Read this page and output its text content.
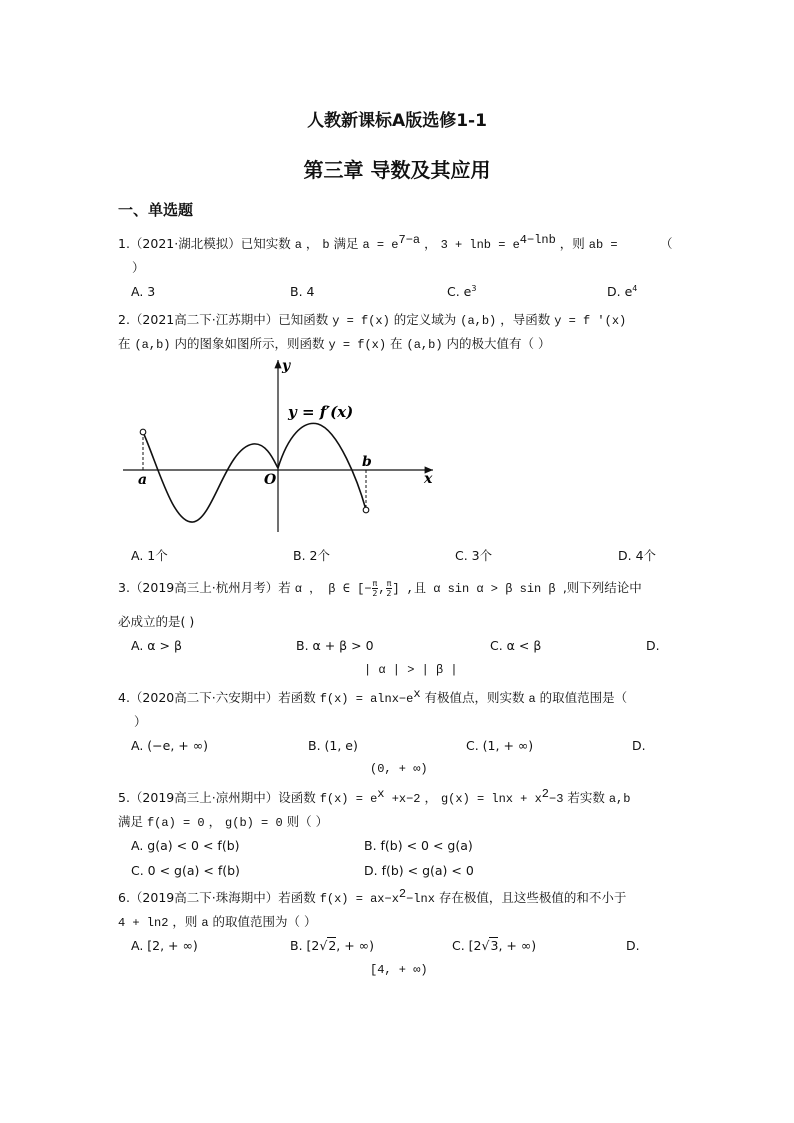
人教新课标A版选修1-1
第三章 导数及其应用
一、单选题
1.（2021·湖北模拟）已知实数 a ， b 满足 $a = e^{7-a}$ ， $3 + \ln b = e^{4-lnb}$ ，则 ab =	（
）
A. 3	B. 4	C. $e^3$	D. $e^4$
2.（2021高二下·江苏期中）已知函数 y = f(x) 的定义域为 (a,b) ，导函数 y = f ′(x)
在 (a,b) 内的图象如图所示，则函数 y = f(x) 在 (a,b) 内的极大值有（ ）
y
x
O
a
b
y = f′(x)
A. 1个	B. 2个	C. 3个	D. 4个
3.（2019高三上·杭州月考）若 α ， β ∈ [− $\frac{\pi}{2}$ , $\frac{\pi}{2}$ ] ,且 α sin α > β sin β ,则下列结论中
必成立的是( )
A. α > β	B. α + β > 0	C. α < β	D.
| α | > | β |
4.（2020高二下·六安期中）若函数 $f(x) = alnx-e^x$ 有极值点，则实数 a 的取值范围是（
）
A. (−e, + ∞)	B. (1, e)	C. (1, + ∞)	D.
(0, + ∞)
5.（2019高三上·凉州期中）设函数 $f(x) = e^x +x-2$ ， $g(x) = \ln x + x^2-3$ 若实数 a,b
满足 f(a) = 0 ， g(b) = 0 则（ ）
A. g(a) < 0 < f(b)	B. f(b) < 0 < g(a)
C. 0 < g(a) < f(b)	D. f(b) < g(a) < 0
6.（2019高二下·珠海期中）若函数 $f(x) = ax-x^2-\ln x$ 存在极值，且这些极值的和不小于
4 + ln2 ，则 a 的取值范围为（ ）
A. [2, + ∞)	B. [2√2, + ∞)	C. [2√3, + ∞)	D.
[4, + ∞)
